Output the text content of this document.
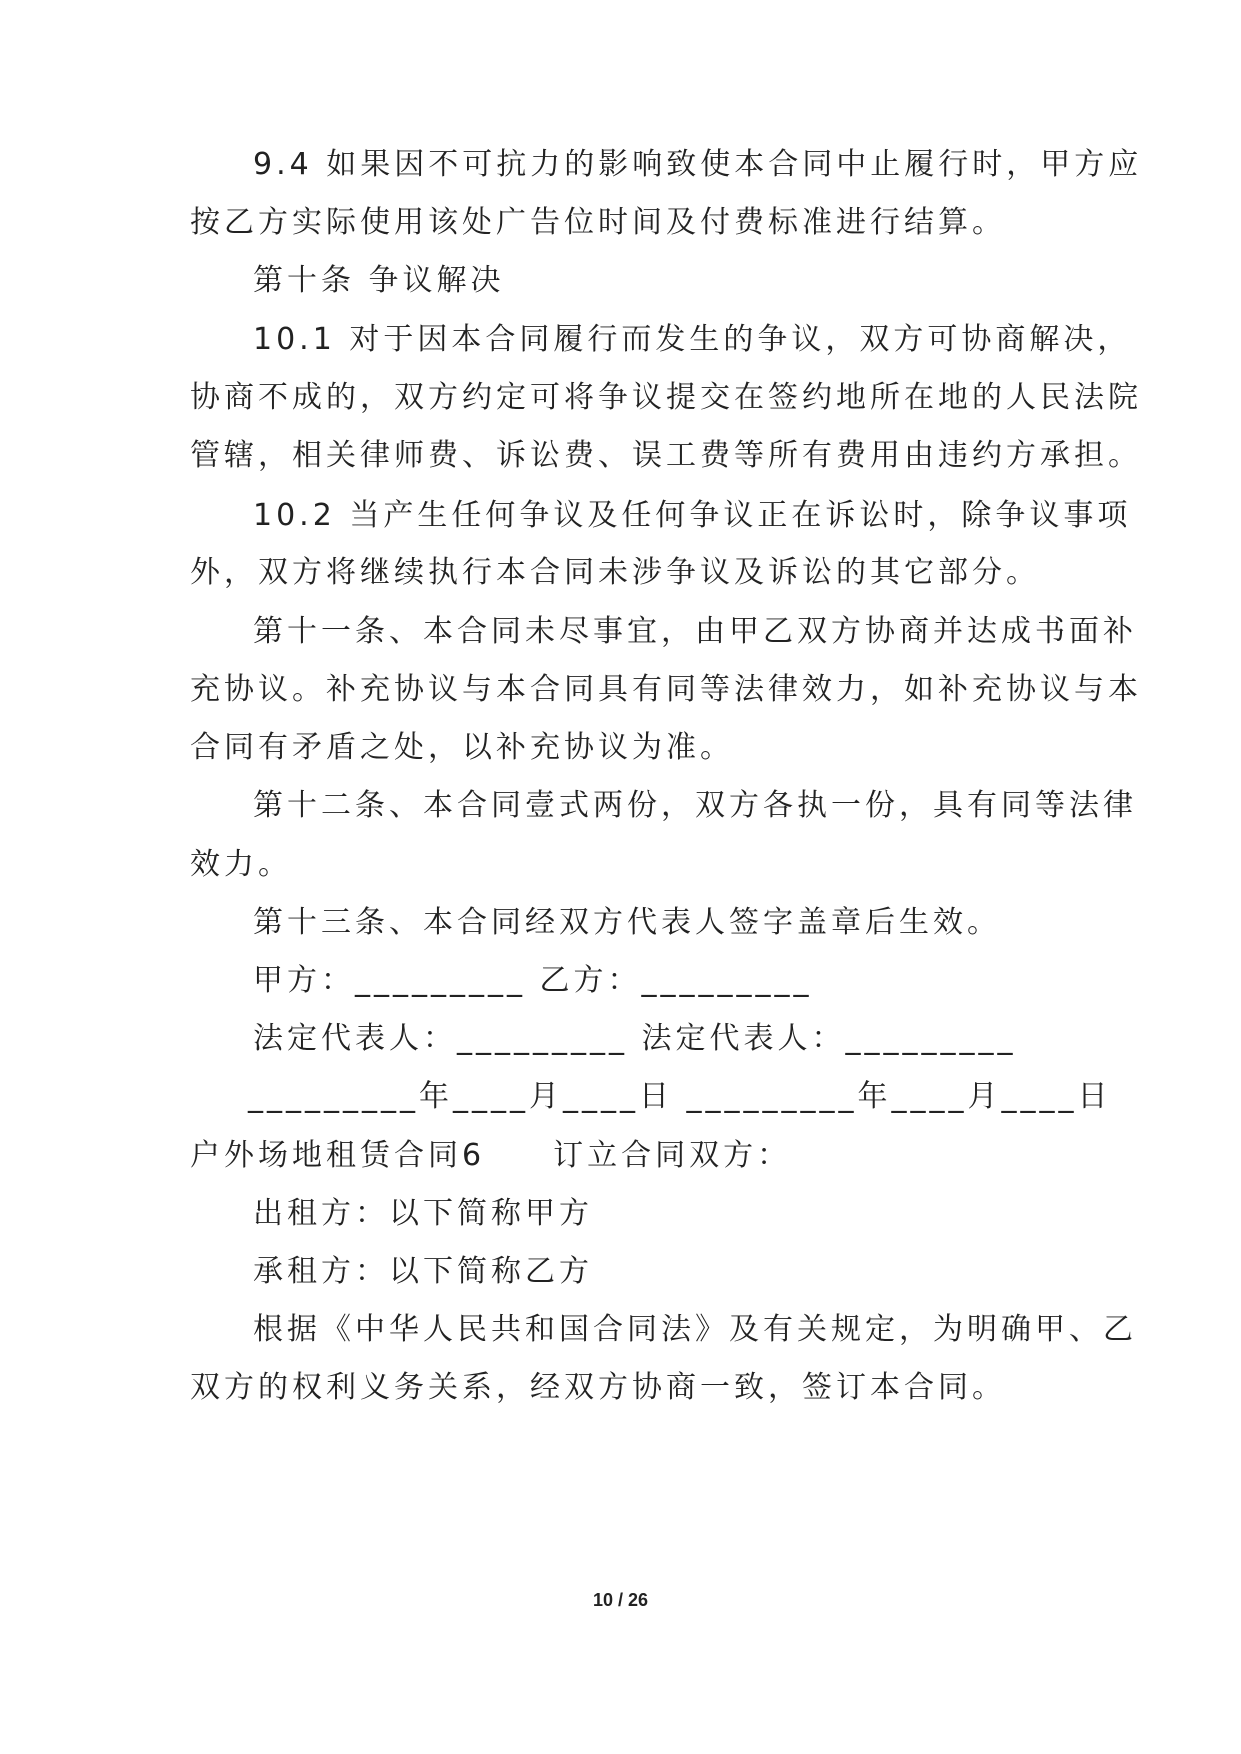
9.4 如果因不可抗力的影响致使本合同中止履行时，甲方应
按乙方实际使用该处广告位时间及付费标准进行结算。
第十条 争议解决
10.1 对于因本合同履行而发生的争议，双方可协商解决，
协商不成的，双方约定可将争议提交在签约地所在地的人民法院
管辖，相关律师费、诉讼费、误工费等所有费用由违约方承担。
10.2 当产生任何争议及任何争议正在诉讼时，除争议事项
外，双方将继续执行本合同未涉争议及诉讼的其它部分。
第十一条、本合同未尽事宜，由甲乙双方协商并达成书面补
充协议。补充协议与本合同具有同等法律效力，如补充协议与本
合同有矛盾之处，以补充协议为准。
第十二条、本合同壹式两份，双方各执一份，具有同等法律
效力。
第十三条、本合同经双方代表人签字盖章后生效。
甲方：_________ 乙方：_________
法定代表人：_________ 法定代表人：_________
_________年____月____日 _________年____月____日
户外场地租赁合同6　　订立合同双方：
出租方：以下简称甲方
承租方：以下简称乙方
根据《中华人民共和国合同法》及有关规定，为明确甲、乙
双方的权利义务关系，经双方协商一致，签订本合同。
10 / 26
